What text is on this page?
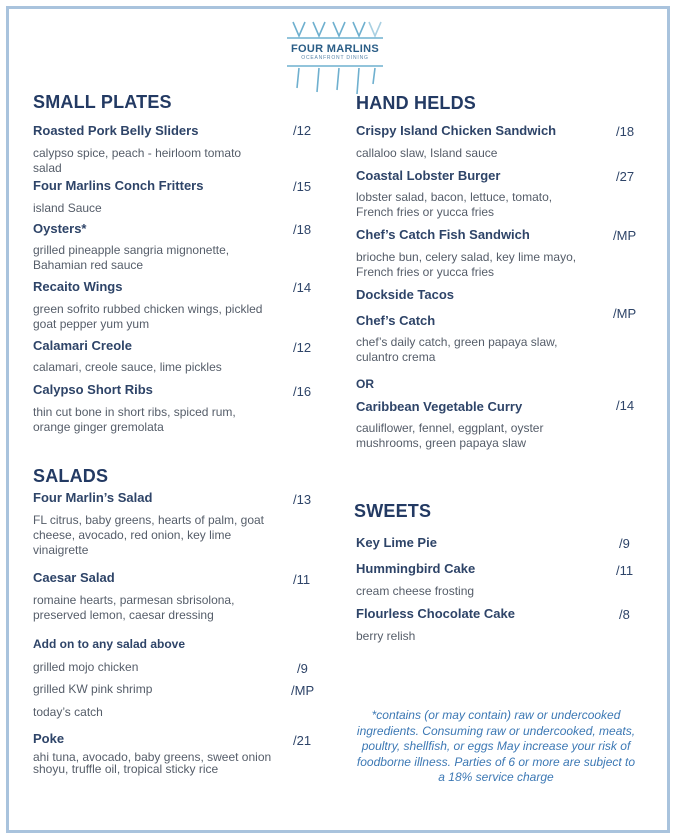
FOUR MARLINS
OCEANFRONT DINING
SMALL PLATES
Roasted Pork Belly Sliders	/12
calypso spice, peach - heirloom tomato salad
Four Marlins Conch Fritters	/15
island Sauce
Oysters*	/18
grilled pineapple sangria mignonette, Bahamian red sauce
Recaito Wings	/14
green sofrito rubbed chicken wings, pickled goat pepper yum yum
Calamari Creole	/12
calamari, creole sauce, lime pickles
Calypso Short Ribs	/16
thin cut bone in short ribs, spiced rum, orange ginger gremolata
SALADS
Four Marlin’s Salad	/13
FL citrus, baby greens, hearts of palm, goat cheese, avocado, red onion, key lime vinaigrette
Caesar Salad	/11
romaine hearts, parmesan sbrisolona, preserved lemon, caesar dressing
Add on to any salad above
grilled mojo chicken	/9
grilled KW pink shrimp	/MP
today’s catch
Poke	/21
ahi tuna, avocado, baby greens, sweet onion shoyu, truffle oil, tropical sticky rice
HAND HELDS
Crispy Island Chicken Sandwich	/18
callaloo slaw, Island sauce
Coastal Lobster Burger	/27
lobster salad, bacon, lettuce, tomato, French fries or yucca fries
Chef’s Catch Fish Sandwich	/MP
brioche bun, celery salad, key lime mayo, French fries or yucca fries
Dockside Tacos
Chef’s Catch	/MP
chef’s daily catch, green papaya slaw, culantro crema
OR
Caribbean Vegetable Curry	/14
cauliflower, fennel, eggplant, oyster mushrooms, green papaya slaw
SWEETS
Key Lime Pie	/9
Hummingbird Cake	/11
cream cheese frosting
Flourless Chocolate Cake	/8
berry relish
*contains (or may contain) raw or undercooked ingredients. Consuming raw or undercooked, meats, poultry, shellfish, or eggs May increase your risk of foodborne illness. Parties of 6 or more are subject to a 18% service charge
